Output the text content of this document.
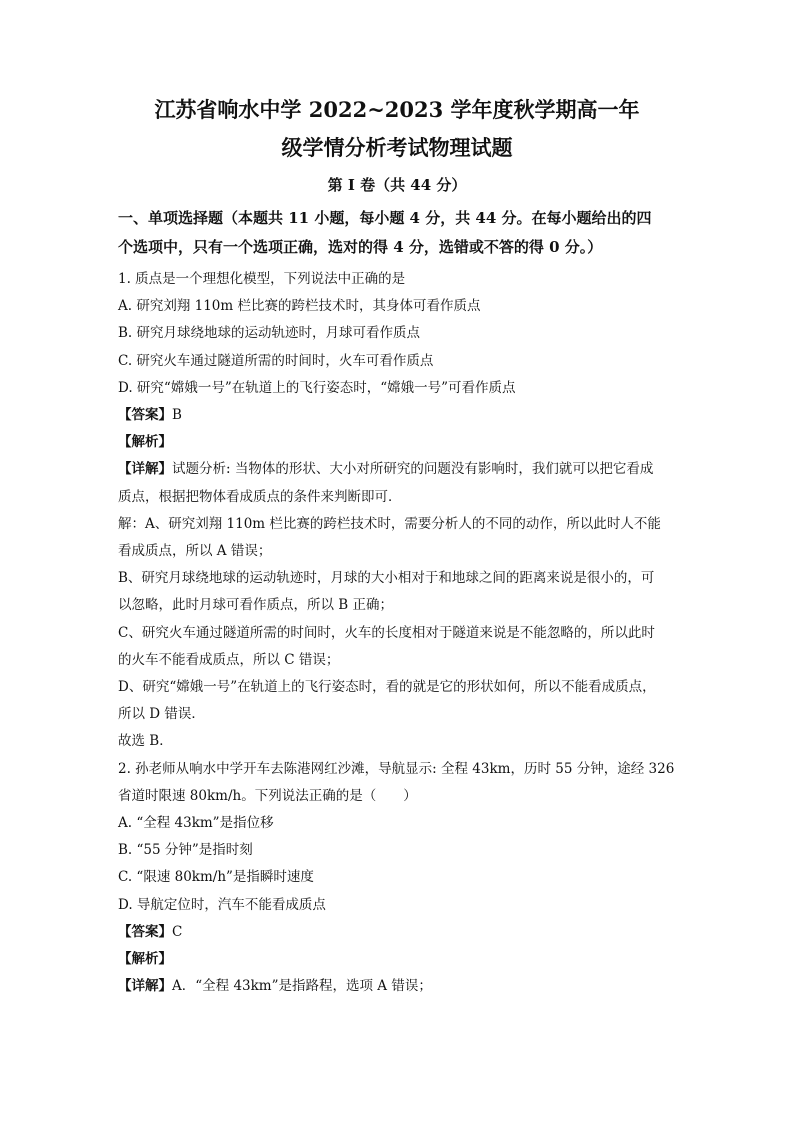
江苏省响水中学 2022~2023 学年度秋学期高一年
级学情分析考试物理试题
第 I 卷（共 44 分）
一、单项选择题（本题共 11 小题，每小题 4 分，共 44 分。在每小题给出的四
个选项中，只有一个选项正确，选对的得 4 分，选错或不答的得 0 分。）
1. 质点是一个理想化模型，下列说法中正确的是
A. 研究刘翔 110m 栏比赛的跨栏技术时，其身体可看作质点
B. 研究月球绕地球的运动轨迹时，月球可看作质点
C. 研究火车通过隧道所需的时间时，火车可看作质点
D. 研究“嫦娥一号”在轨道上的飞行姿态时，“嫦娥一号”可看作质点
【答案】B
【解析】
【详解】试题分析: 当物体的形状、大小对所研究的问题没有影响时，我们就可以把它看成
质点，根据把物体看成质点的条件来判断即可．
解：A、研究刘翔 110m 栏比赛的跨栏技术时，需要分析人的不同的动作，所以此时人不能
看成质点，所以 A 错误；
B、研究月球绕地球的运动轨迹时，月球的大小相对于和地球之间的距离来说是很小的，可
以忽略，此时月球可看作质点，所以 B 正确；
C、研究火车通过隧道所需的时间时，火车的长度相对于隧道来说是不能忽略的，所以此时
的火车不能看成质点，所以 C 错误；
D、研究“嫦娥一号”在轨道上的飞行姿态时，看的就是它的形状如何，所以不能看成质点，
所以 D 错误．
故选 B．
2. 孙老师从响水中学开车去陈港网红沙滩，导航显示: 全程 43km，历时 55 分钟，途经 326
省道时限速 80km/h。下列说法正确的是（　　）
A. “全程 43km”是指位移
B. “55 分钟”是指时刻
C. “限速 80km/h”是指瞬时速度
D. 导航定位时，汽车不能看成质点
【答案】C
【解析】
【详解】A．“全程 43km”是指路程，选项 A 错误；
